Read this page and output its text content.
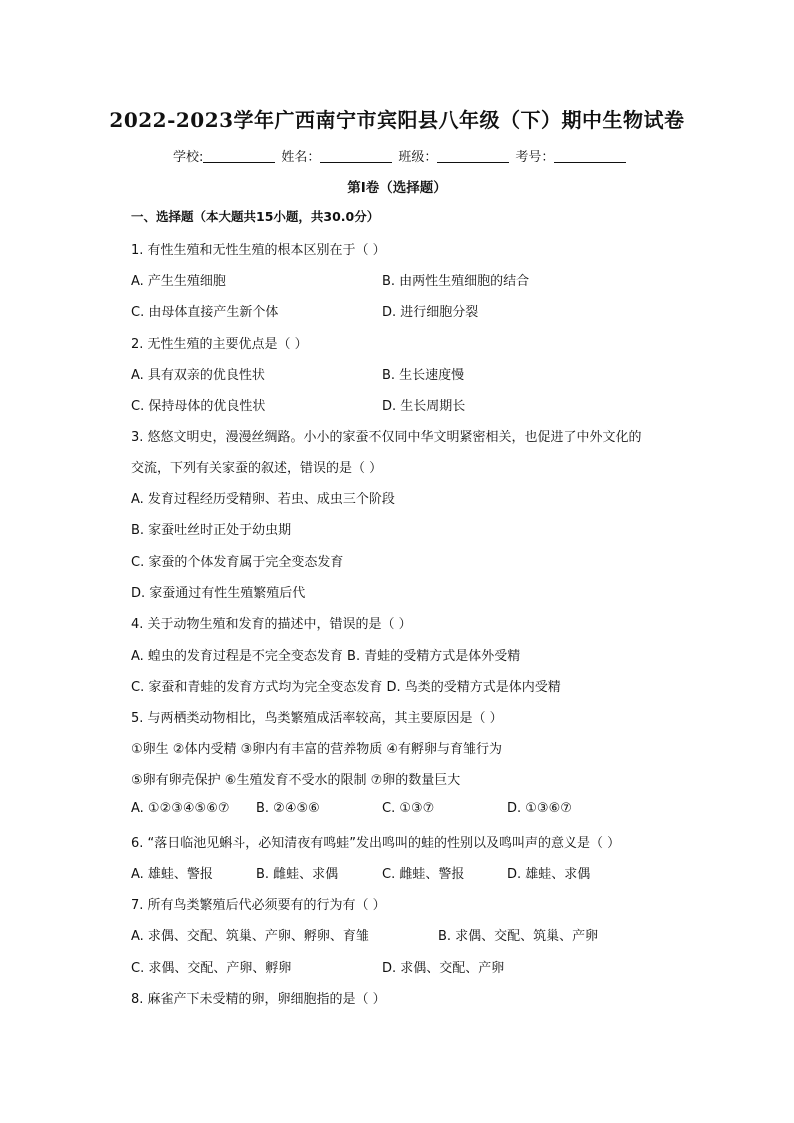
2022-2023学年广西南宁市宾阳县八年级（下）期中生物试卷
学校:	姓名：	班级：	考号：
第I卷（选择题）
一、选择题（本大题共15小题，共30.0分）
1. 有性生殖和无性生殖的根本区别在于（ ）
A. 产生生殖细胞	B. 由两性生殖细胞的结合
C. 由母体直接产生新个体	D. 进行细胞分裂
2. 无性生殖的主要优点是（ ）
A. 具有双亲的优良性状	B. 生长速度慢
C. 保持母体的优良性状	D. 生长周期长
3. 悠悠文明史，漫漫丝绸路。小小的家蚕不仅同中华文明紧密相关，也促进了中外文化的
交流，下列有关家蚕的叙述，错误的是（ ）
A. 发育过程经历受精卵、若虫、成虫三个阶段
B. 家蚕吐丝时正处于幼虫期
C. 家蚕的个体发育属于完全变态发育
D. 家蚕通过有性生殖繁殖后代
4. 关于动物生殖和发育的描述中，错误的是（ ）
A. 蝗虫的发育过程是不完全变态发育 B. 青蛙的受精方式是体外受精
C. 家蚕和青蛙的发育方式均为完全变态发育 D. 鸟类的受精方式是体内受精
5. 与两栖类动物相比，鸟类繁殖成活率较高，其主要原因是（ ）
①卵生 ②体内受精 ③卵内有丰富的营养物质 ④有孵卵与育雏行为
⑤卵有卵壳保护 ⑥生殖发育不受水的限制 ⑦卵的数量巨大
A. ①②③④⑤⑥⑦ B. ②④⑤⑥	C. ①③⑦	D. ①③⑥⑦
6. “落日临池见蝌斗，必知清夜有鸣蛙”发出鸣叫的蛙的性别以及鸣叫声的意义是（ ）
A. 雄蛙、警报	B. 雌蛙、求偶	C. 雌蛙、警报	D. 雄蛙、求偶
7. 所有鸟类繁殖后代必须要有的行为有（ ）
A. 求偶、交配、筑巢、产卵、孵卵、育雏	B. 求偶、交配、筑巢、产卵
C. 求偶、交配、产卵、孵卵	D. 求偶、交配、产卵
8. 麻雀产下未受精的卵，卵细胞指的是（ ）
